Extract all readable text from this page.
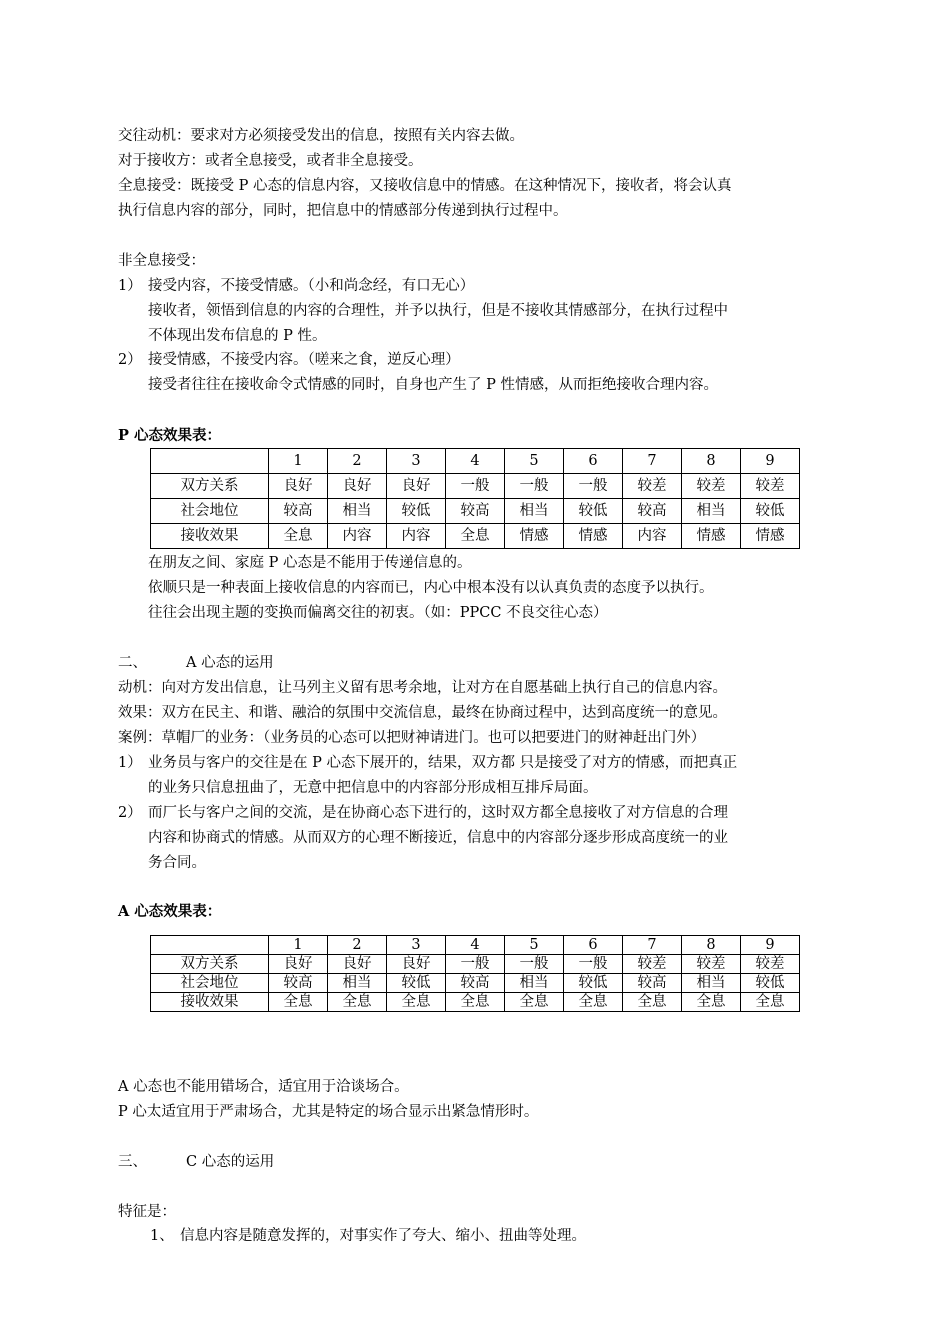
交往动机：要求对方必须接受发出的信息，按照有关内容去做。
对于接收方：或者全息接受，或者非全息接受。
全息接受：既接受 P 心态的信息内容，又接收信息中的情感。在这种情况下，接收者，将会认真
执行信息内容的部分，同时，把信息中的情感部分传递到执行过程中。
非全息接受：
1） 接受内容，不接受情感。（小和尚念经，有口无心）
接收者，领悟到信息的内容的合理性，并予以执行，但是不接收其情感部分，在执行过程中
不体现出发布信息的 P 性。
2） 接受情感，不接受内容。（嗟来之食，逆反心理）
接受者往往在接收命令式情感的同时，自身也产生了 P 性情感，从而拒绝接收合理内容。
P 心态效果表：
	1	2	3	4	5	6	7	8	9
双方关系	良好	良好	良好	一般	一般	一般	较差	较差	较差
社会地位	较高	相当	较低	较高	相当	较低	较高	相当	较低
接收效果	全息	内容	内容	全息	情感	情感	内容	情感	情感
在朋友之间、家庭 P 心态是不能用于传递信息的。
依顺只是一种表面上接收信息的内容而已，内心中根本没有以认真负责的态度予以执行。
往往会出现主题的变换而偏离交往的初衷。（如：PPCC 不良交往心态）
二、	A 心态的运用
动机：向对方发出信息，让马列主义留有思考余地，让对方在自愿基础上执行自己的信息内容。
效果：双方在民主、和谐、融洽的氛围中交流信息，最终在协商过程中，达到高度统一的意见。
案例：草帽厂的业务：（业务员的心态可以把财神请进门。也可以把要进门的财神赶出门外）
1） 业务员与客户的交往是在 P 心态下展开的，结果，双方都 只是接受了对方的情感，而把真正
的业务只信息扭曲了，无意中把信息中的内容部分形成相互排斥局面。
2） 而厂长与客户之间的交流，是在协商心态下进行的，这时双方都全息接收了对方信息的合理
内容和协商式的情感。从而双方的心理不断接近，信息中的内容部分逐步形成高度统一的业
务合同。
A 心态效果表：
	1	2	3	4	5	6	7	8	9
双方关系	良好	良好	良好	一般	一般	一般	较差	较差	较差
社会地位	较高	相当	较低	较高	相当	较低	较高	相当	较低
接收效果	全息	全息	全息	全息	全息	全息	全息	全息	全息
A 心态也不能用错场合，适宜用于洽谈场合。
P 心太适宜用于严肃场合，尤其是特定的场合显示出紧急情形时。
三、	C 心态的运用
特征是：
1、 信息内容是随意发挥的，对事实作了夸大、缩小、扭曲等处理。
